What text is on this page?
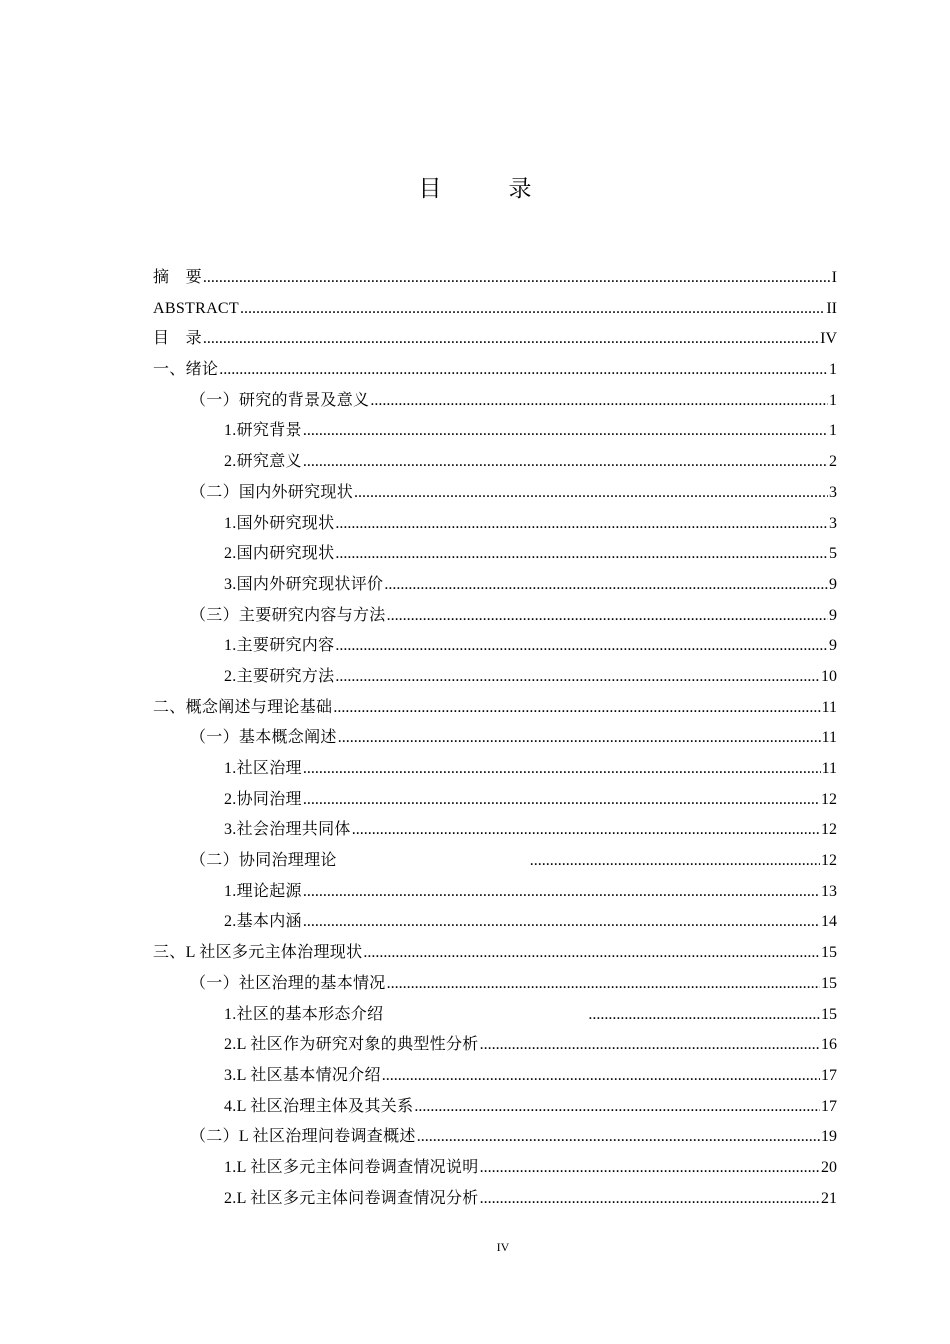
目　录
摘　要 .....	I
ABSTRACT .....	II
目　录 .....	IV
一、绪论 .....	1
（一）研究的背景及意义 .....	1
1.研究背景 .....	1
2.研究意义 .....	2
（二）国内外研究现状 .....	3
1.国外研究现状 .....	3
2.国内研究现状 .....	5
3.国内外研究现状评价 .....	9
（三）主要研究内容与方法 .....	9
1.主要研究内容 .....	9
2.主要研究方法 .....	10
二、概念阐述与理论基础 .....	11
（一）基本概念阐述 .....	11
1.社区治理 .....	11
2.协同治理 .....	12
3.社会治理共同体 .....	12
（二）协同治理理论 .....	12
1.理论起源 .....	13
2.基本内涵 .....	14
三、L 社区多元主体治理现状 .....	15
（一）社区治理的基本情况 .....	15
1.社区的基本形态介绍 .....	15
2.L 社区作为研究对象的典型性分析 .....	16
3.L 社区基本情况介绍 .....	17
4.L 社区治理主体及其关系 .....	17
（二）L 社区治理问卷调查概述 .....	19
1.L 社区多元主体问卷调查情况说明 .....	20
2.L 社区多元主体问卷调查情况分析 .....	21
IV
